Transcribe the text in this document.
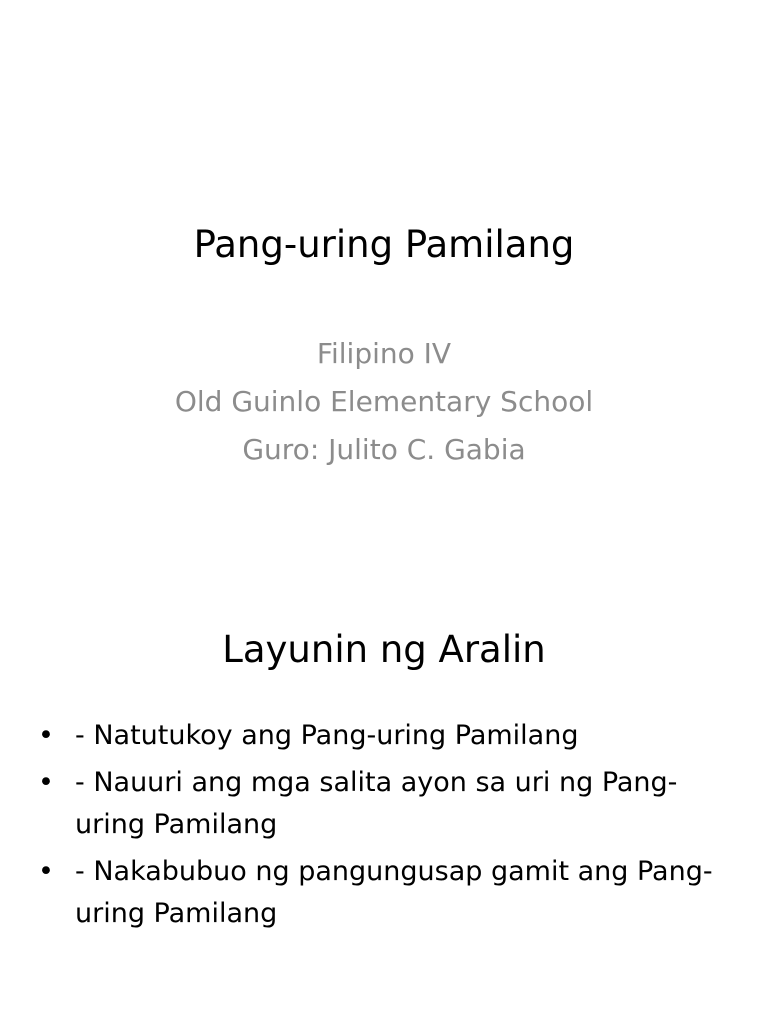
Pang-uring Pamilang
Filipino IV
Old Guinlo Elementary School
Guro: Julito C. Gabia
Layunin ng Aralin
• - Natutukoy ang Pang-uring Pamilang
• - Nauuri ang mga salita ayon sa uri ng Pang-uring Pamilang
• - Nakabubuo ng pangungusap gamit ang Pang-uring Pamilang
